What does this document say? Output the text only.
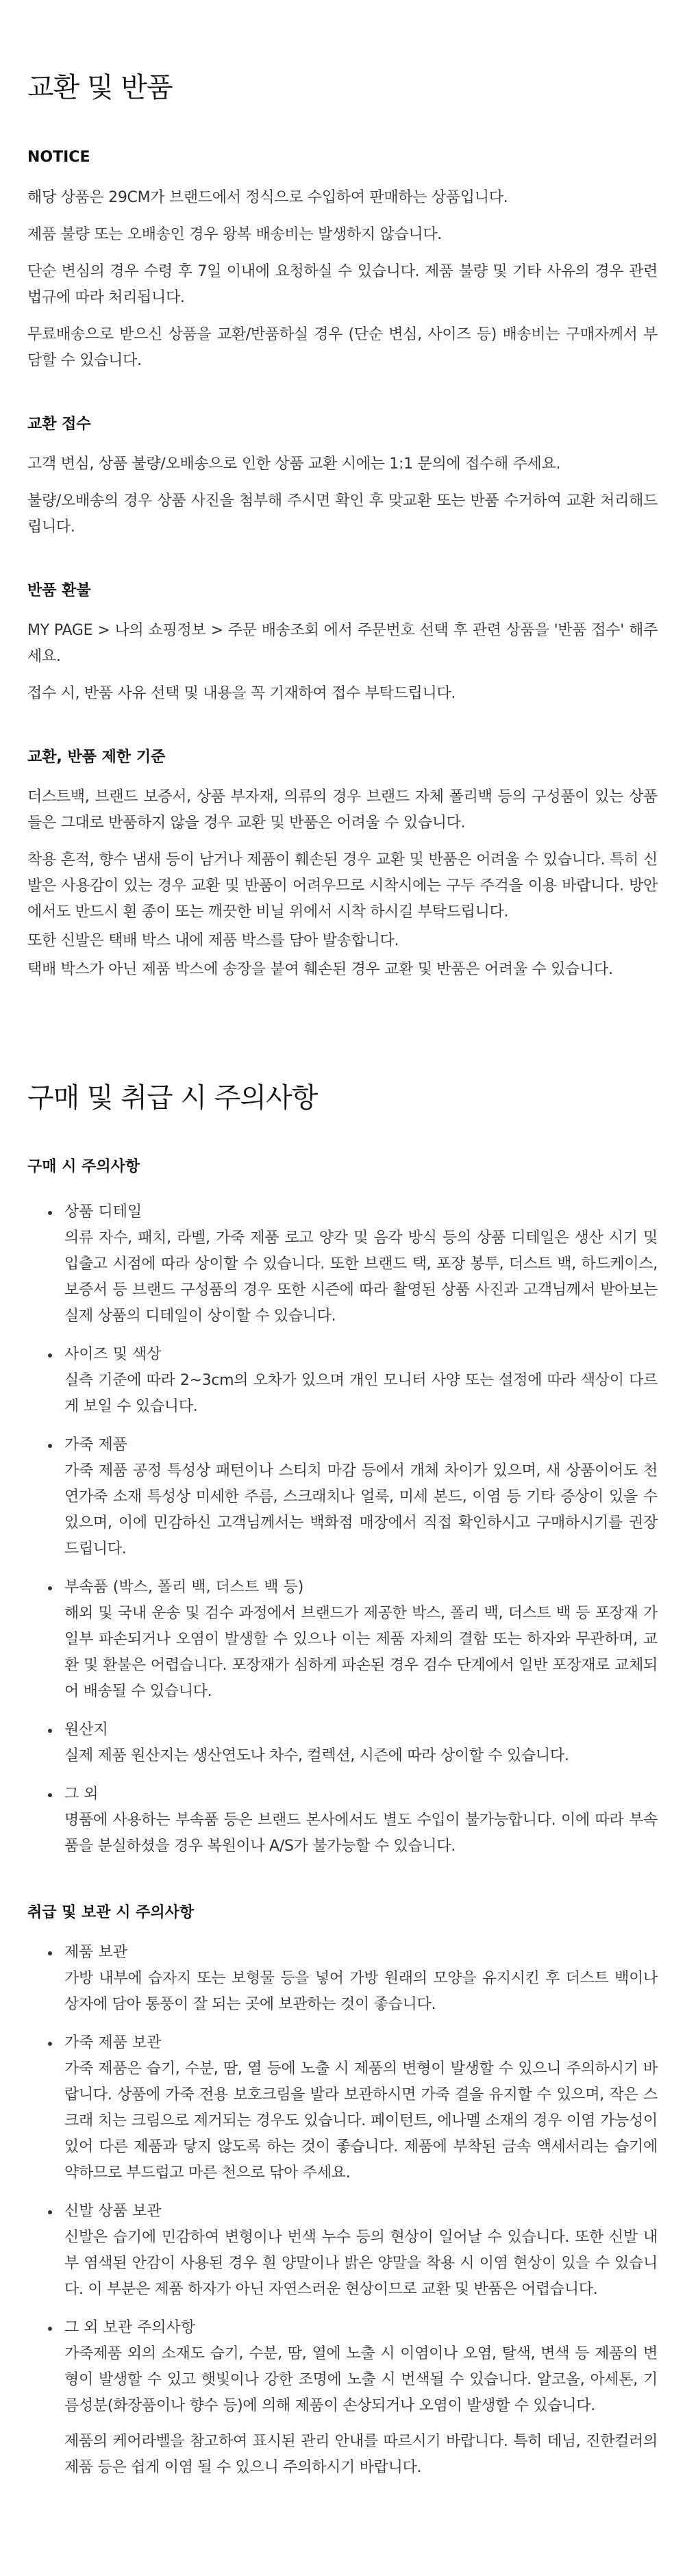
교환 및 반품
NOTICE

해당 상품은 29CM가 브랜드에서 정식으로 수입하여 판매하는 상품입니다.

제품 불량 또는 오배송인 경우 왕복 배송비는 발생하지 않습니다.

단순 변심의 경우 수령 후 7일 이내에 요청하실 수 있습니다. 제품 불량 및 기타 사유의 경우 관련 법규에 따라 처리됩니다.

무료배송으로 받으신 상품을 교환/반품하실 경우 (단순 변심, 사이즈 등) 배송비는 구매자께서 부담할 수 있습니다.

교환 접수

고객 변심, 상품 불량/오배송으로 인한 상품 교환 시에는 1:1 문의에 접수해 주세요.

불량/오배송의 경우 상품 사진을 첨부해 주시면 확인 후 맞교환 또는 반품 수거하여 교환 처리해드립니다.

반품 환불

MY PAGE > 나의 쇼핑정보 > 주문 배송조회 에서 주문번호 선택 후 관련 상품을 '반품 접수' 해주세요.

접수 시, 반품 사유 선택 및 내용을 꼭 기재하여 접수 부탁드립니다.

교환, 반품 제한 기준

더스트백, 브랜드 보증서, 상품 부자재, 의류의 경우 브랜드 자체 폴리백 등의 구성품이 있는 상품들은 그대로 반품하지 않을 경우 교환 및 반품은 어려울 수 있습니다.

착용 흔적, 향수 냄새 등이 남거나 제품이 훼손된 경우 교환 및 반품은 어려울 수 있습니다. 특히 신발은 사용감이 있는 경우 교환 및 반품이 어려우므로 시착시에는 구두 주걱을 이용 바랍니다. 방안에서도 반드시 흰 종이 또는 깨끗한 비닐 위에서 시착 하시길 부탁드립니다.

또한 신발은 택배 박스 내에 제품 박스를 담아 발송합니다.

택배 박스가 아닌 제품 박스에 송장을 붙여 훼손된 경우 교환 및 반품은 어려울 수 있습니다.

구매 및 취급 시 주의사항
구매 시 주의사항
상품 디테일
의류 자수, 패치, 라벨, 가죽 제품 로고 양각 및 음각 방식 등의 상품 디테일은 생산 시기 및 입출고 시점에 따라 상이할 수 있습니다. 또한 브랜드 택, 포장 봉투, 더스트 백, 하드케이스, 보증서 등 브랜드 구성품의 경우 또한 시즌에 따라 촬영된 상품 사진과 고객님께서 받아보는 실제 상품의 디테일이 상이할 수 있습니다.
사이즈 및 색상
실측 기준에 따라 2~3cm의 오차가 있으며 개인 모니터 사양 또는 설정에 따라 색상이 다르게 보일 수 있습니다.
가죽 제품
가죽 제품 공정 특성상 패턴이나 스티치 마감 등에서 개체 차이가 있으며, 새 상품이어도 천연가죽 소재 특성상 미세한 주름, 스크래치나 얼룩, 미세 본드, 이염 등 기타 증상이 있을 수 있으며, 이에 민감하신 고객님께서는 백화점 매장에서 직접 확인하시고 구매하시기를 권장 드립니다.
부속품 (박스, 폴리 백, 더스트 백 등)
해외 및 국내 운송 및 검수 과정에서 브랜드가 제공한 박스, 폴리 백, 더스트 백 등 포장재 가 일부 파손되거나 오염이 발생할 수 있으나 이는 제품 자체의 결함 또는 하자와 무관하며, 교환 및 환불은 어렵습니다. 포장재가 심하게 파손된 경우 검수 단계에서 일반 포장재로 교체되어 배송될 수 있습니다.
원산지
실제 제품 원산지는 생산연도나 차수, 컬렉션, 시즌에 따라 상이할 수 있습니다.
그 외
명품에 사용하는 부속품 등은 브랜드 본사에서도 별도 수입이 불가능합니다. 이에 따라 부속품을 분실하셨을 경우 복원이나 A/S가 불가능할 수 있습니다.
취급 및 보관 시 주의사항
제품 보관
가방 내부에 습자지 또는 보형물 등을 넣어 가방 원래의 모양을 유지시킨 후 더스트 백이나 상자에 담아 통풍이 잘 되는 곳에 보관하는 것이 좋습니다.
가죽 제품 보관
가죽 제품은 습기, 수분, 땀, 열 등에 노출 시 제품의 변형이 발생할 수 있으니 주의하시기 바랍니다. 상품에 가죽 전용 보호크림을 발라 보관하시면 가죽 결을 유지할 수 있으며, 작은 스크래 치는 크림으로 제거되는 경우도 있습니다. 페이턴트, 에나멜 소재의 경우 이염 가능성이 있어 다른 제품과 닿지 않도록 하는 것이 좋습니다. 제품에 부착된 금속 액세서리는 습기에 약하므로 부드럽고 마른 천으로 닦아 주세요.
신발 상품 보관
신발은 습기에 민감하여 변형이나 번색 누수 등의 현상이 일어날 수 있습니다. 또한 신발 내부 염색된 안감이 사용된 경우 흰 양말이나 밝은 양말을 착용 시 이염 현상이 있을 수 있습니다. 이 부분은 제품 하자가 아닌 자연스러운 현상이므로 교환 및 반품은 어렵습니다.
그 외 보관 주의사항
가죽제품 외의 소재도 습기, 수분, 땀, 열에 노출 시 이염이나 오염, 탈색, 변색 등 제품의 변형이 발생할 수 있고 햇빛이나 강한 조명에 노출 시 번색될 수 있습니다. 알코올, 아세톤, 기름성분(화장품이나 향수 등)에 의해 제품이 손상되거나 오염이 발생할 수 있습니다.
제품의 케어라벨을 참고하여 표시된 관리 안내를 따르시기 바랍니다. 특히 데님, 진한컬러의 제품 등은 쉽게 이염 될 수 있으니 주의하시기 바랍니다.
